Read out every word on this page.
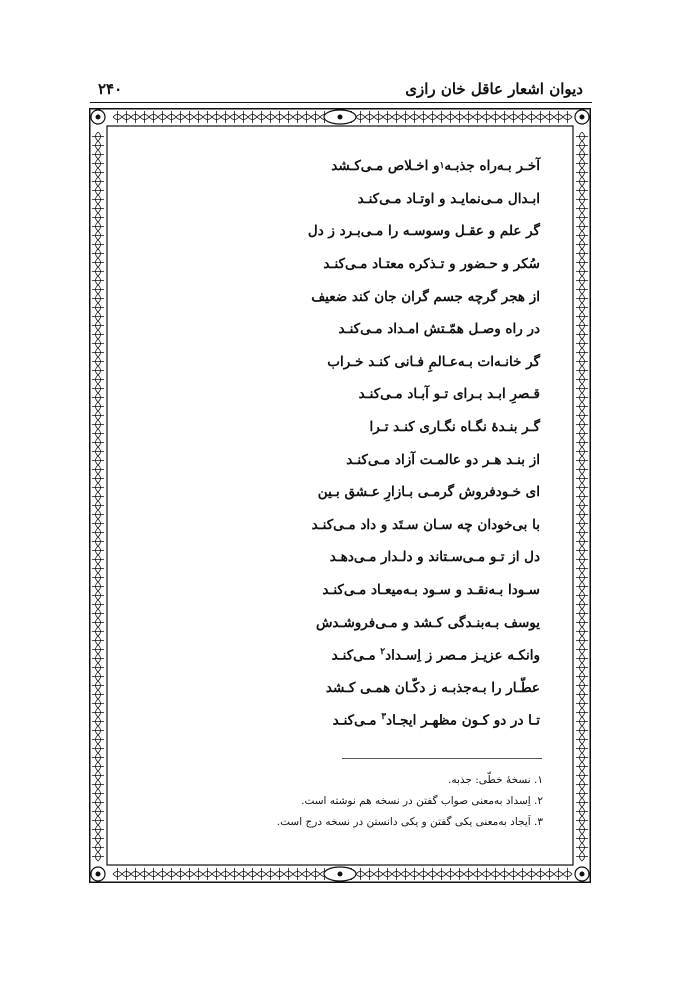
دیوان اشعار عاقل خان رازی
۲۴۰
آخـر بـه‌راه جذبـه
۱
و اخـلاص مـی‌کـشد
ابـدال مـی‌نمایـد و اوتـاد مـی‌کنـد
گر علم و عقـل وسوسـه را مـی‌بـرد ز دل
سُکر و حـضور و تـذکره معتـاد مـی‌کنـد
از هجر گرچه جسم گران جان کند ضعیف
در راه وصـل همّـتش امـداد مـی‌کنـد
گر خانـه‌ات بـه‌عـالمِ فـانی کنـد خـراب
قـصرِ ابـد بـرای تـو آبـاد مـی‌کنـد
گـر بنـدهٔ نگـاه نگـاری کنـد تـرا
از بنـد هـر دو عالمـت آزاد مـی‌کنـد
ای خـودفروش گرمـی بـازارِ عـشق بـین
با بی‌خودان چه سـان سـتَد و داد مـی‌کنـد
دل از تـو مـی‌سـتاند و دلـدار مـی‌دهـد
سـودا بـه‌نقـد و سـود بـه‌میعـاد مـی‌کنـد
یوسف بـه‌بنـدگی کـشد و مـی‌فروشـدش
وانکـه عزیـز مـصر ز اِسـداد$^۲$ مـی‌کنـد
عطّـار را بـه‌جذبـه ز دکّـان همـی کـشد
تـا در دو کـون مظهـر ایجـاد$^۳$ مـی‌کنـد
۱. نسخهٔ خطّی: جذبه.
۲. اِسداد به‌معنی صواب گفتن در نسخه هم نوشته است.
۳. اَیجاد به‌معنی یکی گفتن و یکی دانستن در نسخه درج است.
